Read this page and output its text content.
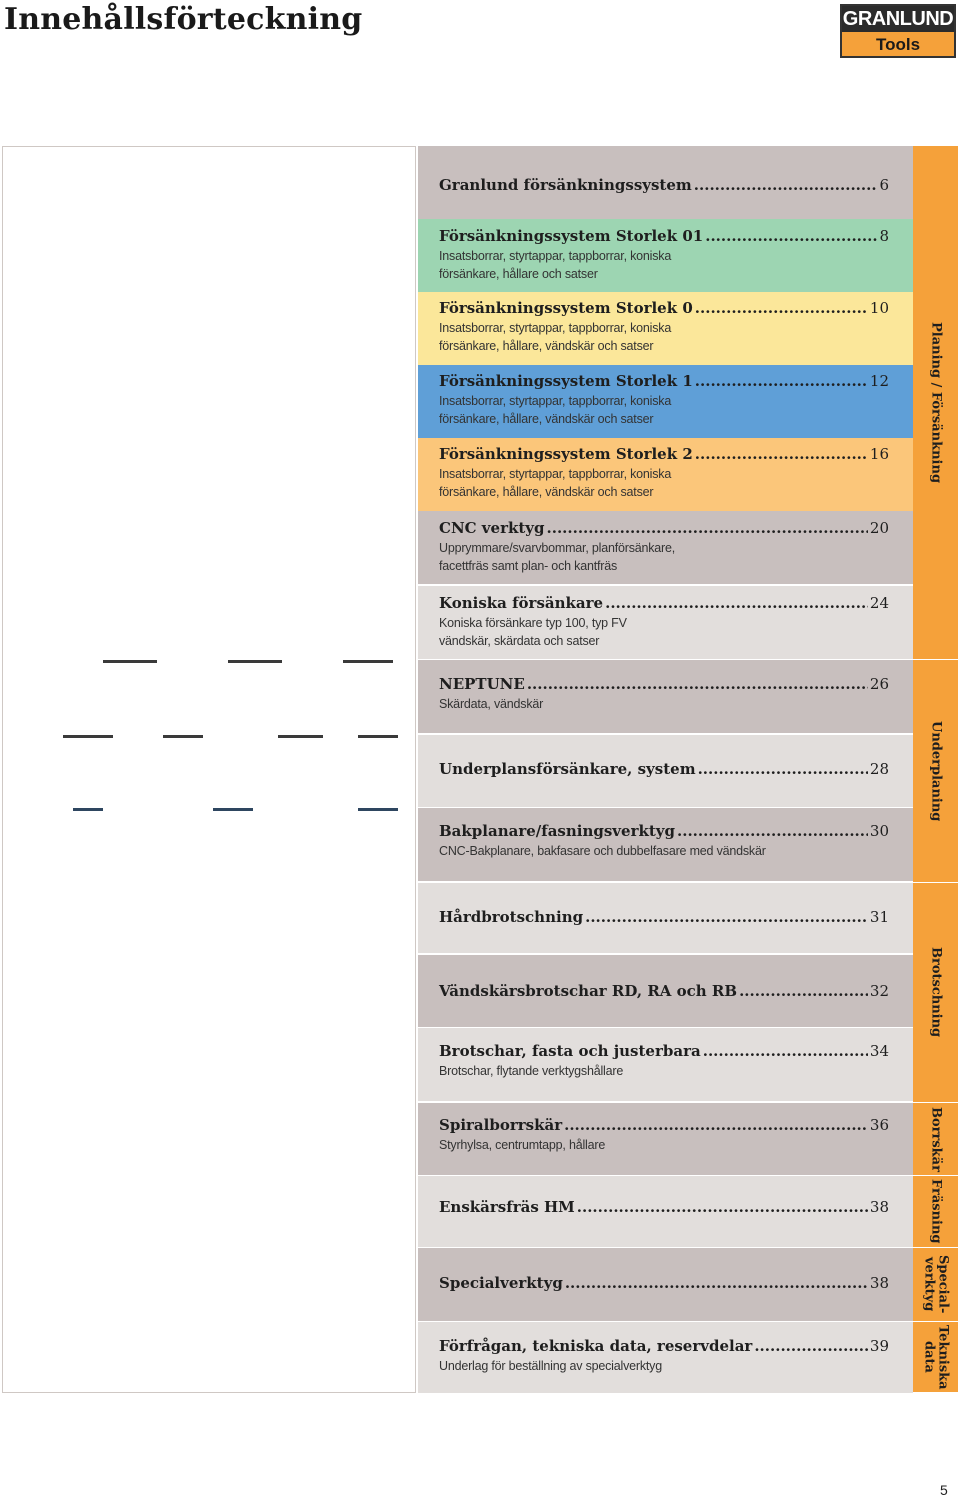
Innehållsförteckning	GRANLUND
Tools
Granlund försänkningssystem .....	6
Försänkningssystem Storlek 01 .....	8
Insatsborrar, styrtappar, tappborrar, koniska
försänkare, hållare och satser
Försänkningssystem Storlek 0 .....	10
Insatsborrar, styrtappar, tappborrar, koniska
försänkare, hållare, vändskär och satser
Försänkningssystem Storlek 1 .....	12
Insatsborrar, styrtappar, tappborrar, koniska
försänkare, hållare, vändskär och satser
Försänkningssystem Storlek 2 .....	16
Insatsborrar, styrtappar, tappborrar, koniska
försänkare, hållare, vändskär och satser
CNC verktyg .....	20
Upprymmare/svarvbommar, planförsänkare,
facettfräs samt plan- och kantfräs
Koniska försänkare .....	24
Koniska försänkare typ 100, typ FV
vändskär, skärdata och satser
NEPTUNE .....	26
Skärdata, vändskär
Underplansförsänkare, system .....	28
Bakplanare/fasningsverktyg .....	30
CNC-Bakplanare, bakfasare och dubbelfasare med vändskär
Hårdbrotschning .....	31
Vändskärsbrotschar RD, RA och RB .....	32
Brotschar, fasta och justerbara .....	34
Brotschar, flytande verktygshållare
Spiralborrskär .....	36
Styrhylsa, centrumtapp, hållare
Enskärsfräs HM .....	38
Specialverktyg .....	38
Förfrågan, tekniska data, reservdelar .....	39
Underlag för beställning av specialverktyg
Planing / Försänkning
Underplaning
Brotschning
Borrskär
Fräsning
Special-
verktyg
Tekniska
data
5
